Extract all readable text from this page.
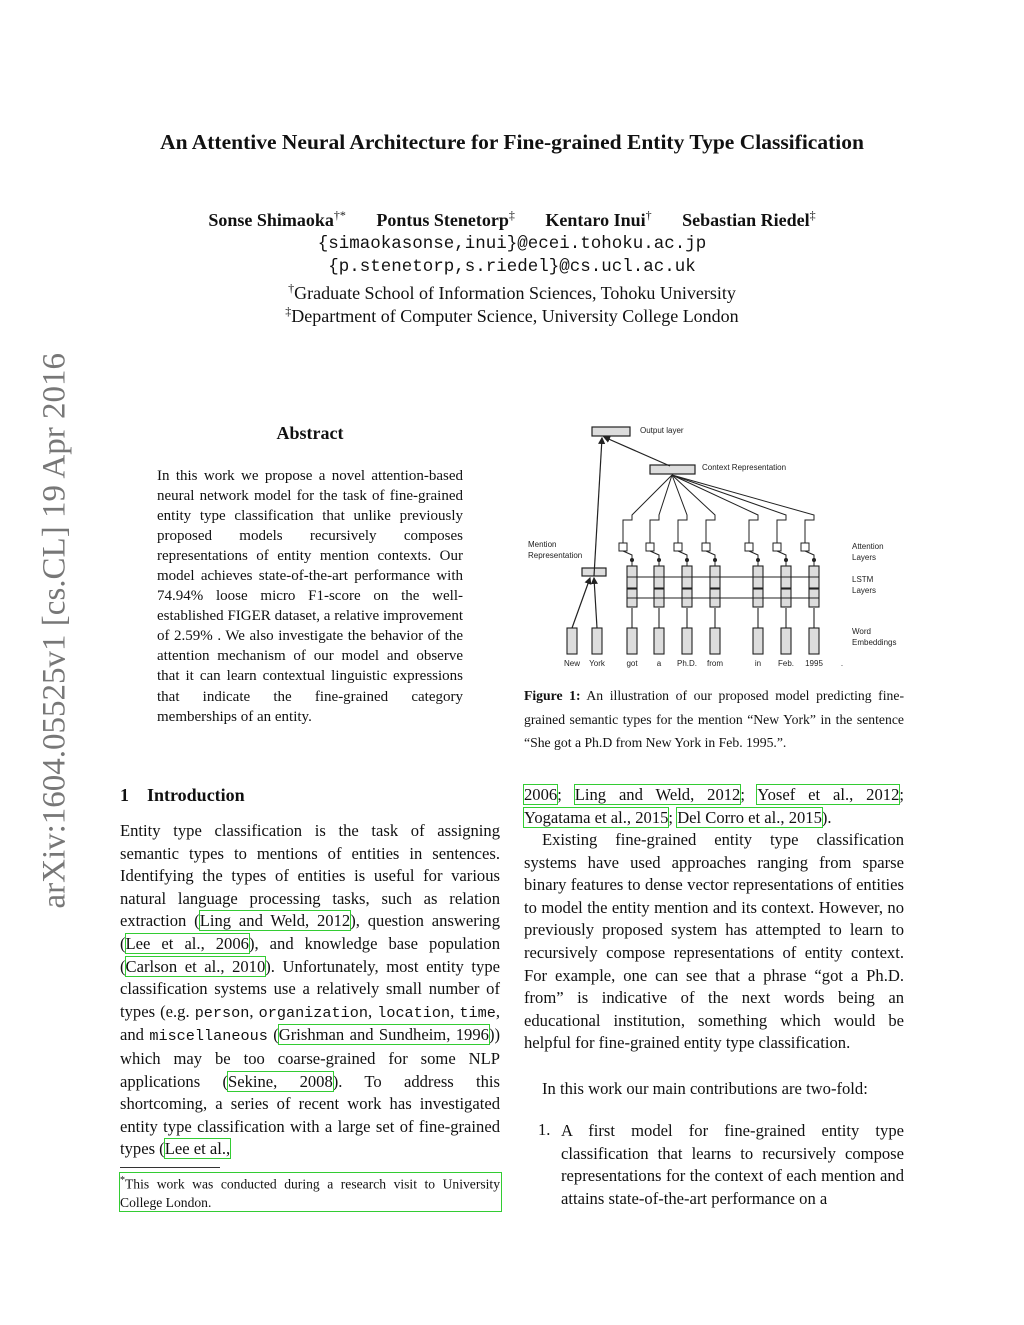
An Attentive Neural Architecture for Fine-grained Entity Type Classification
Sonse Shimaoka†* Pontus Stenetorp‡ Kentaro Inui† Sebastian Riedel‡
{simaokasonse,inui}@ecei.tohoku.ac.jp
{p.stenetorp,s.riedel}@cs.ucl.ac.uk
†Graduate School of Information Sciences, Tohoku University
‡Department of Computer Science, University College London
arXiv:1604.05525v1 [cs.CL] 19 Apr 2016	Abstract
In this work we propose a novel attention-based neural network model for the task of fine-grained entity type classification that unlike previously proposed models recursively composes representations of entity mention contexts. Our model achieves state-of-the-art performance with 74.94% loose micro F1-score on the well-established FIGER dataset, a relative improvement of 2.59% . We also investigate the behavior of the attention mechanism of our model and observe that it can learn contextual linguistic expressions that indicate the fine-grained category memberships of an entity.
1 Introduction
Entity type classification is the task of assigning semantic types to mentions of entities in sentences. Identifying the types of entities is useful for various natural language processing tasks, such as relation extraction (Ling and Weld, 2012), question answering (Lee et al., 2006), and knowledge base population (Carlson et al., 2010). Unfortunately, most entity type classification systems use a relatively small number of types (e.g. person, organization, location, time, and miscellaneous (Grishman and Sundheim, 1996)) which may be too coarse-grained for some NLP applications (Sekine, 2008). To address this shortcoming, a series of recent work has investigated entity type classification with a large set of fine-grained types (Lee et al.,
*This work was conducted during a research visit to University College London.
Output layer
Context Representation
Mention Representation
Attention Layers
LSTM Layers
Word Embeddings
New York	got a Ph.D. from	in Feb. 1995 .
Figure 1: An illustration of our proposed model predicting fine-grained semantic types for the mention “New York” in the sentence “She got a Ph.D from New York in Feb. 1995.”.
2006; Ling and Weld, 2012; Yosef et al., 2012; Yogatama et al., 2015; Del Corro et al., 2015).
Existing fine-grained entity type classification systems have used approaches ranging from sparse binary features to dense vector representations of entities to model the entity mention and its context. However, no previously proposed system has attempted to learn to recursively compose representations of entity context. For example, one can see that a phrase “got a Ph.D. from” is indicative of the next words being an educational institution, something which would be helpful for fine-grained entity type classification.
In this work our main contributions are two-fold:
1. A first model for fine-grained entity type classification that learns to recursively compose representations for the context of each mention and attains state-of-the-art performance on a
